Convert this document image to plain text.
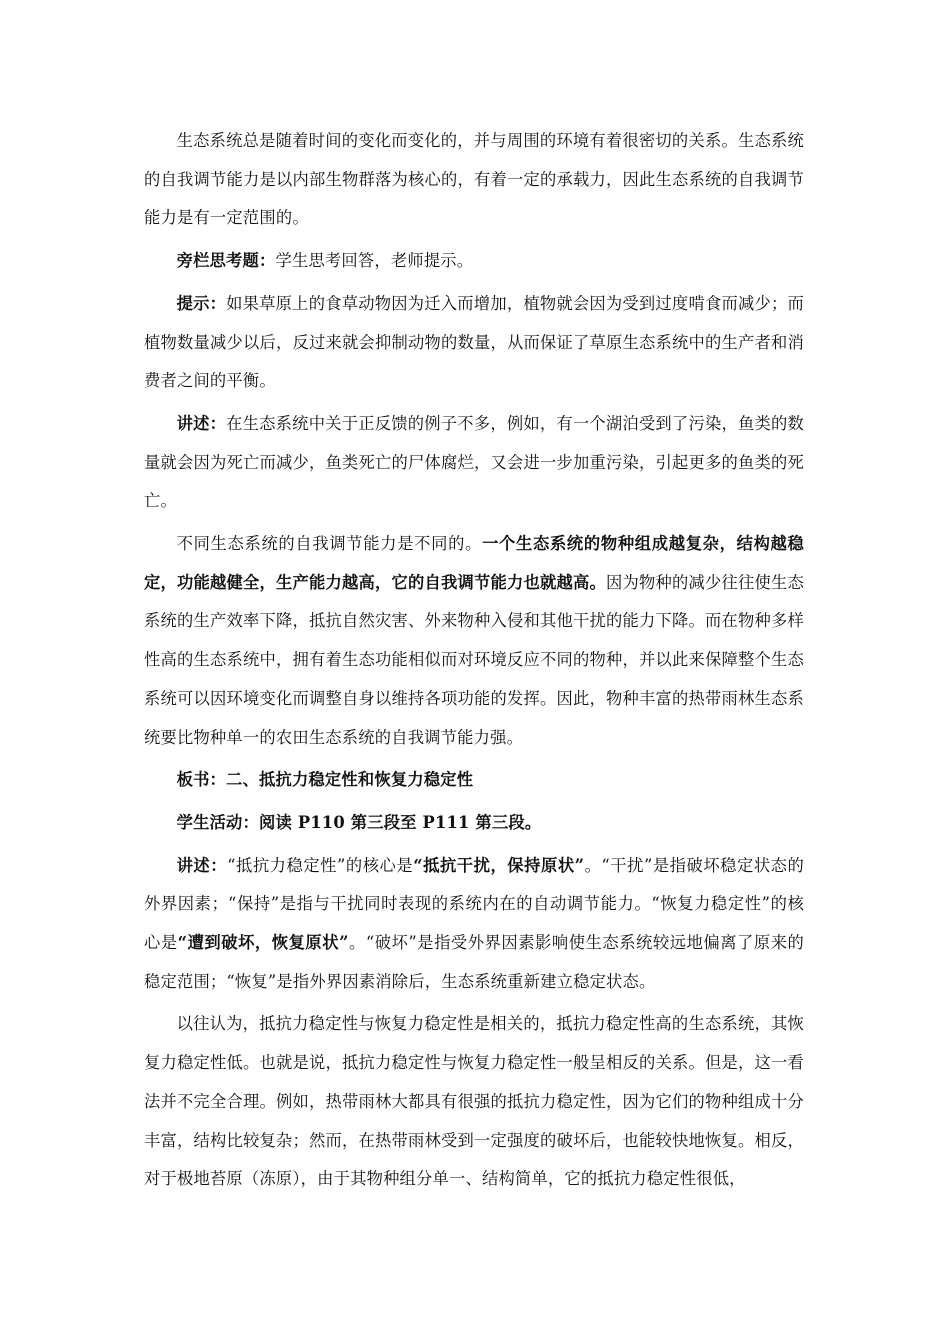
生态系统总是随着时间的变化而变化的，并与周围的环境有着很密切的关系。生态系统的自我调节能力是以内部生物群落为核心的，有着一定的承载力，因此生态系统的自我调节能力是有一定范围的。

旁栏思考题：学生思考回答，老师提示。

提示：如果草原上的食草动物因为迁入而增加，植物就会因为受到过度啃食而减少；而植物数量减少以后，反过来就会抑制动物的数量，从而保证了草原生态系统中的生产者和消费者之间的平衡。

讲述：在生态系统中关于正反馈的例子不多，例如，有一个湖泊受到了污染，鱼类的数量就会因为死亡而减少，鱼类死亡的尸体腐烂，又会进一步加重污染，引起更多的鱼类的死亡。

不同生态系统的自我调节能力是不同的。一个生态系统的物种组成越复杂，结构越稳定，功能越健全，生产能力越高，它的自我调节能力也就越高。因为物种的减少往往使生态系统的生产效率下降，抵抗自然灾害、外来物种入侵和其他干扰的能力下降。而在物种多样性高的生态系统中，拥有着生态功能相似而对环境反应不同的物种，并以此来保障整个生态系统可以因环境变化而调整自身以维持各项功能的发挥。因此，物种丰富的热带雨林生态系统要比物种单一的农田生态系统的自我调节能力强。

板书：二、抵抗力稳定性和恢复力稳定性

学生活动：阅读 P110 第三段至 P111 第三段。

讲述：“抵抗力稳定性”的核心是“抵抗干扰，保持原状”。“干扰”是指破坏稳定状态的外界因素；“保持”是指与干扰同时表现的系统内在的自动调节能力。“恢复力稳定性”的核心是“遭到破坏，恢复原状”。“破坏”是指受外界因素影响使生态系统较远地偏离了原来的稳定范围；“恢复”是指外界因素消除后，生态系统重新建立稳定状态。

以往认为，抵抗力稳定性与恢复力稳定性是相关的，抵抗力稳定性高的生态系统，其恢复力稳定性低。也就是说，抵抗力稳定性与恢复力稳定性一般呈相反的关系。但是，这一看法并不完全合理。例如，热带雨林大都具有很强的抵抗力稳定性，因为它们的物种组成十分丰富，结构比较复杂；然而，在热带雨林受到一定强度的破坏后，也能较快地恢复。相反，对于极地苔原（冻原），由于其物种组分单一、结构简单，它的抵抗力稳定性很低，
